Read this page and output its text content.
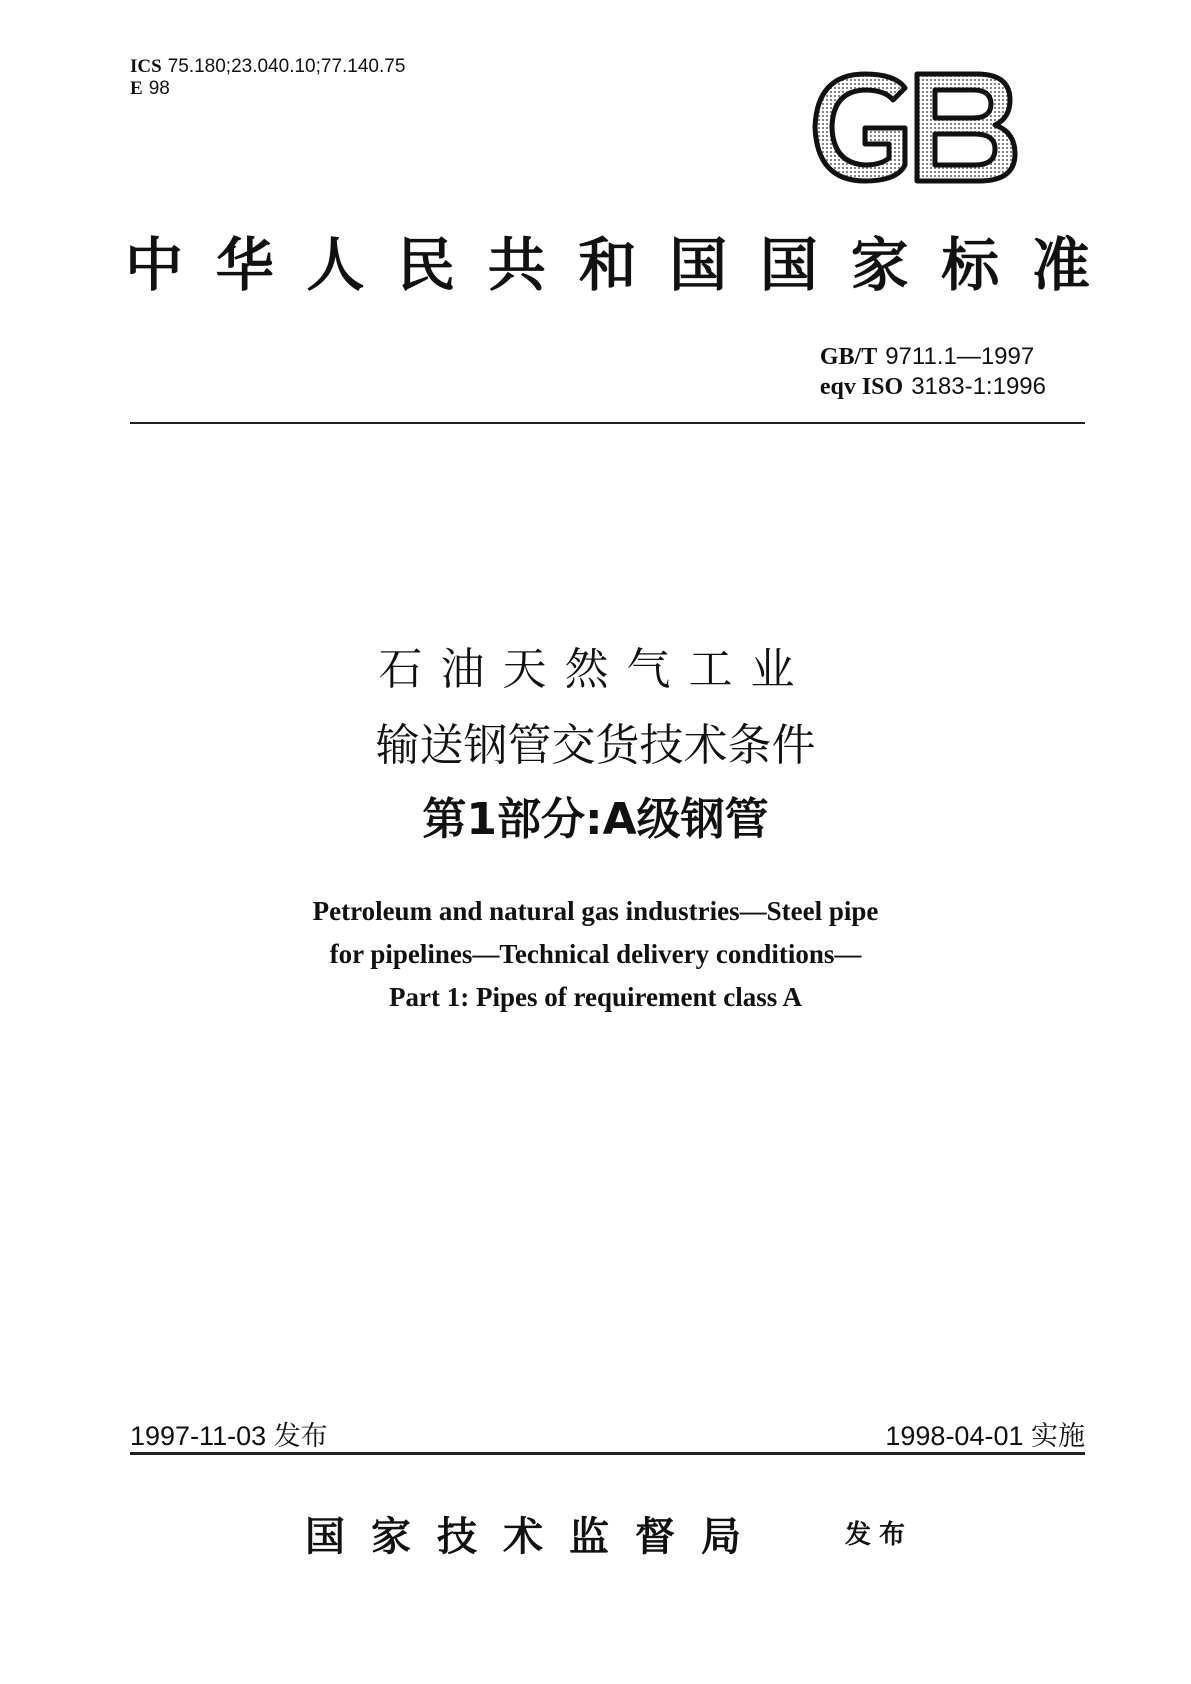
ICS 75.180;23.040.10;77.140.75
E 98
中华人民共和国国家标准
GB/T 9711.1—1997
eqv ISO 3183-1:1996
石油天然气工业
输送钢管交货技术条件
第1部分:A级钢管
Petroleum and natural gas industries—Steel pipe
for pipelines—Technical delivery conditions—
Part 1: Pipes of requirement class A
1997-11-03 发布	1998-04-01 实施
国家技术监督局	发布
